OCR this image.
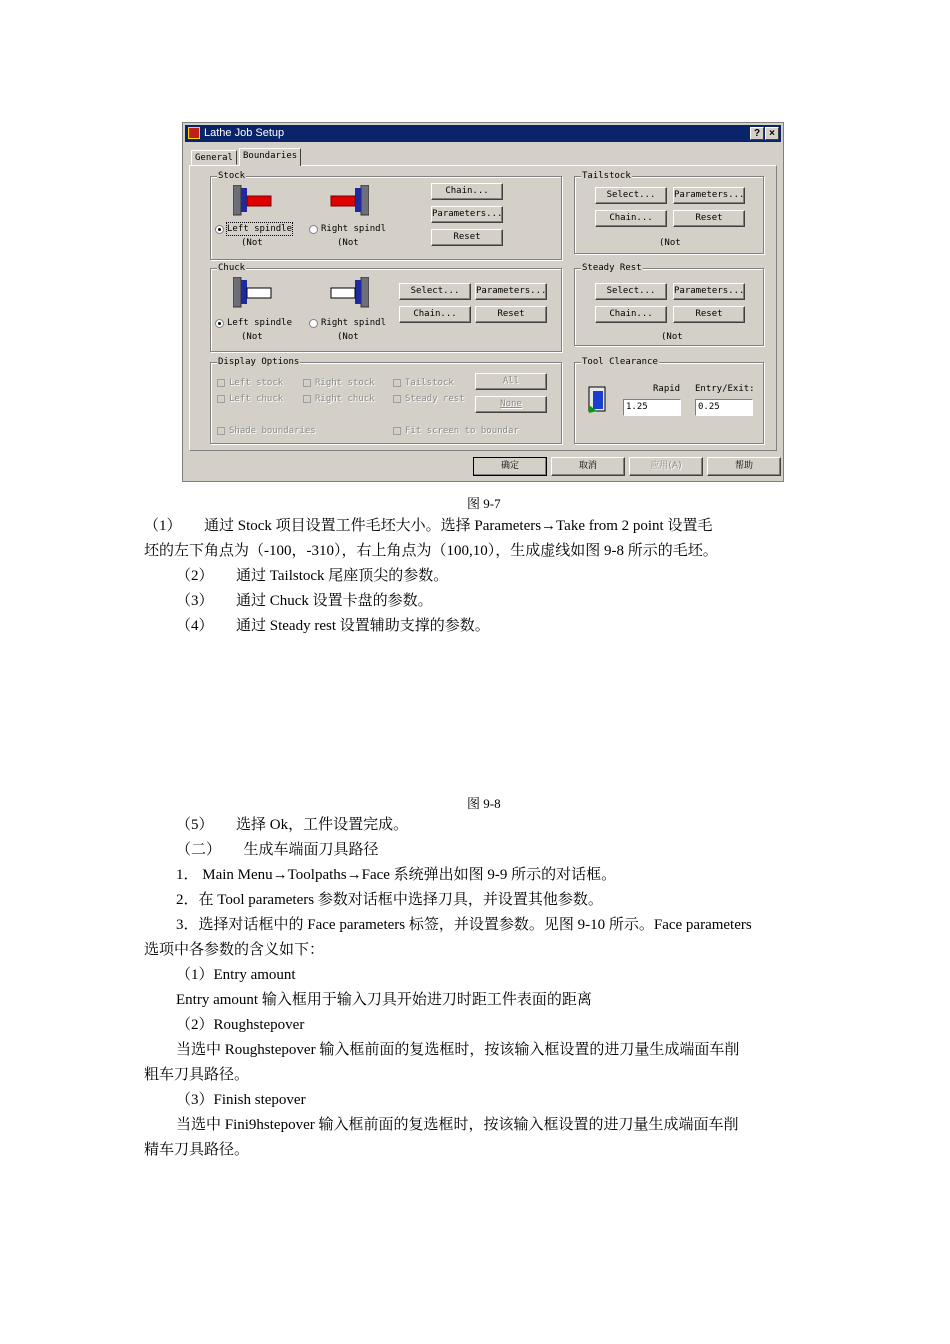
Lathe Job Setup	? ×
General	Boundaries
Stock
Left spindle	Right spindl
(Not	(Not
Chain...
Parameters...
Reset
Tailstock
Select...	Parameters...
Chain...	Reset
(Not
Chuck
Left spindle	Right spindl
(Not	(Not
Select...	Parameters...
Chain...	Reset
Steady Rest
Select...	Parameters...
Chain...	Reset
(Not
Display Options
Left stock	Right stock	Tailstock
Left chuck	Right chuck	Steady rest
All
None
Shade boundaries	Fit screen to boundar
Tool Clearance
Rapid Entry/Exit:
1.25	0.25
确定	取消	应用(A)	帮助
图 9-7
（1）　　通过 Stock 项目设置工件毛坯大小。选择 Parameters→Take from 2 point 设置毛
坯的左下角点为（-100，-310），右上角点为（100,10），生成虚线如图 9-8 所示的毛坯。
（2）　　通过 Tailstock 尾座顶尖的参数。
（3）　　通过 Chuck 设置卡盘的参数。
（4）　　通过 Steady rest 设置辅助支撑的参数。
图 9-8
（5）　　选择 Ok，工件设置完成。
（二）　　生成车端面刀具路径
1． Main Menu→Toolpaths→Face 系统弹出如图 9-9 所示的对话框。
2．在 Tool parameters 参数对话框中选择刀具，并设置其他参数。
3．选择对话框中的 Face parameters 标签，并设置参数。见图 9-10 所示。Face parameters
选项中各参数的含义如下：
（1）Entry amount
Entry amount 输入框用于输入刀具开始进刀时距工件表面的距离
（2）Roughstepover
当选中 Roughstepover 输入框前面的复选框时，按该输入框设置的进刀量生成端面车削
粗车刀具路径。
（3）Finish stepover
当选中 Fini9hstepover 输入框前面的复选框时，按该输入框设置的进刀量生成端面车削
精车刀具路径。
